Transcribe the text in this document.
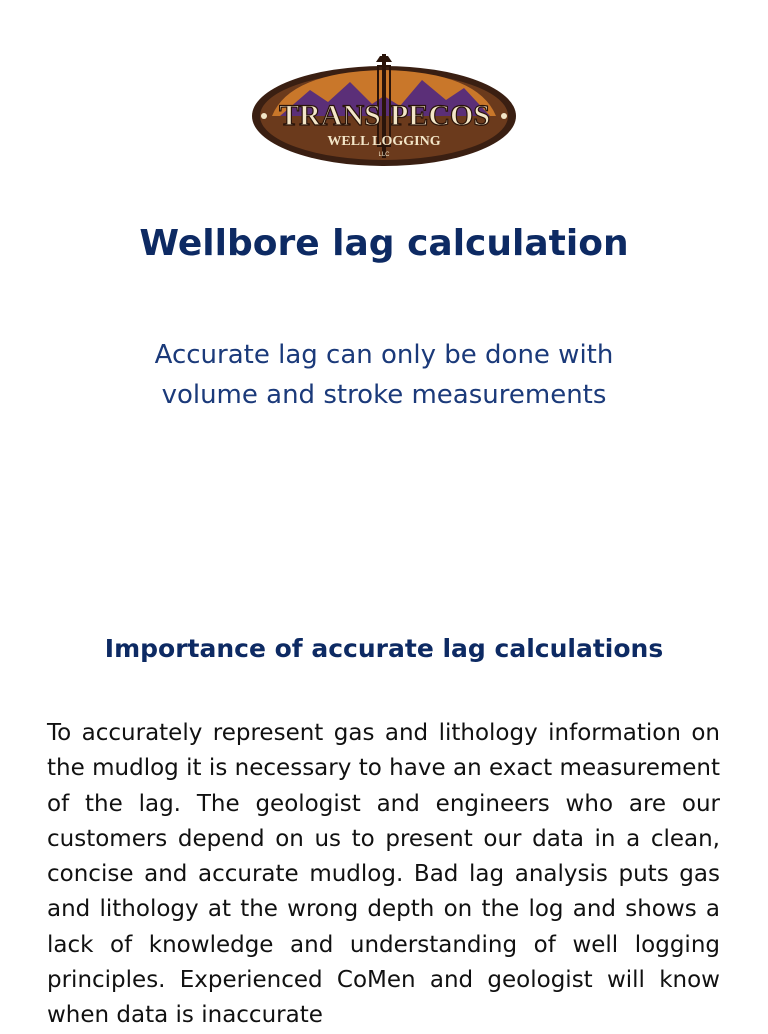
TRANS PECOS
WELL LOGGING
LLC
Wellbore lag calculation

Accurate lag can only be done with
volume and stroke measurements

Importance of accurate lag calculations

To accurately represent gas and lithology information on the mudlog it is necessary to have an exact measurement of the lag. The geologist and engineers who are our customers depend on us to present our data in a clean, concise and accurate mudlog. Bad lag analysis puts gas and lithology at the wrong depth on the log and shows a lack of knowledge and understanding of well logging principles. Experienced CoMen and geologist will know when data is inaccurate
